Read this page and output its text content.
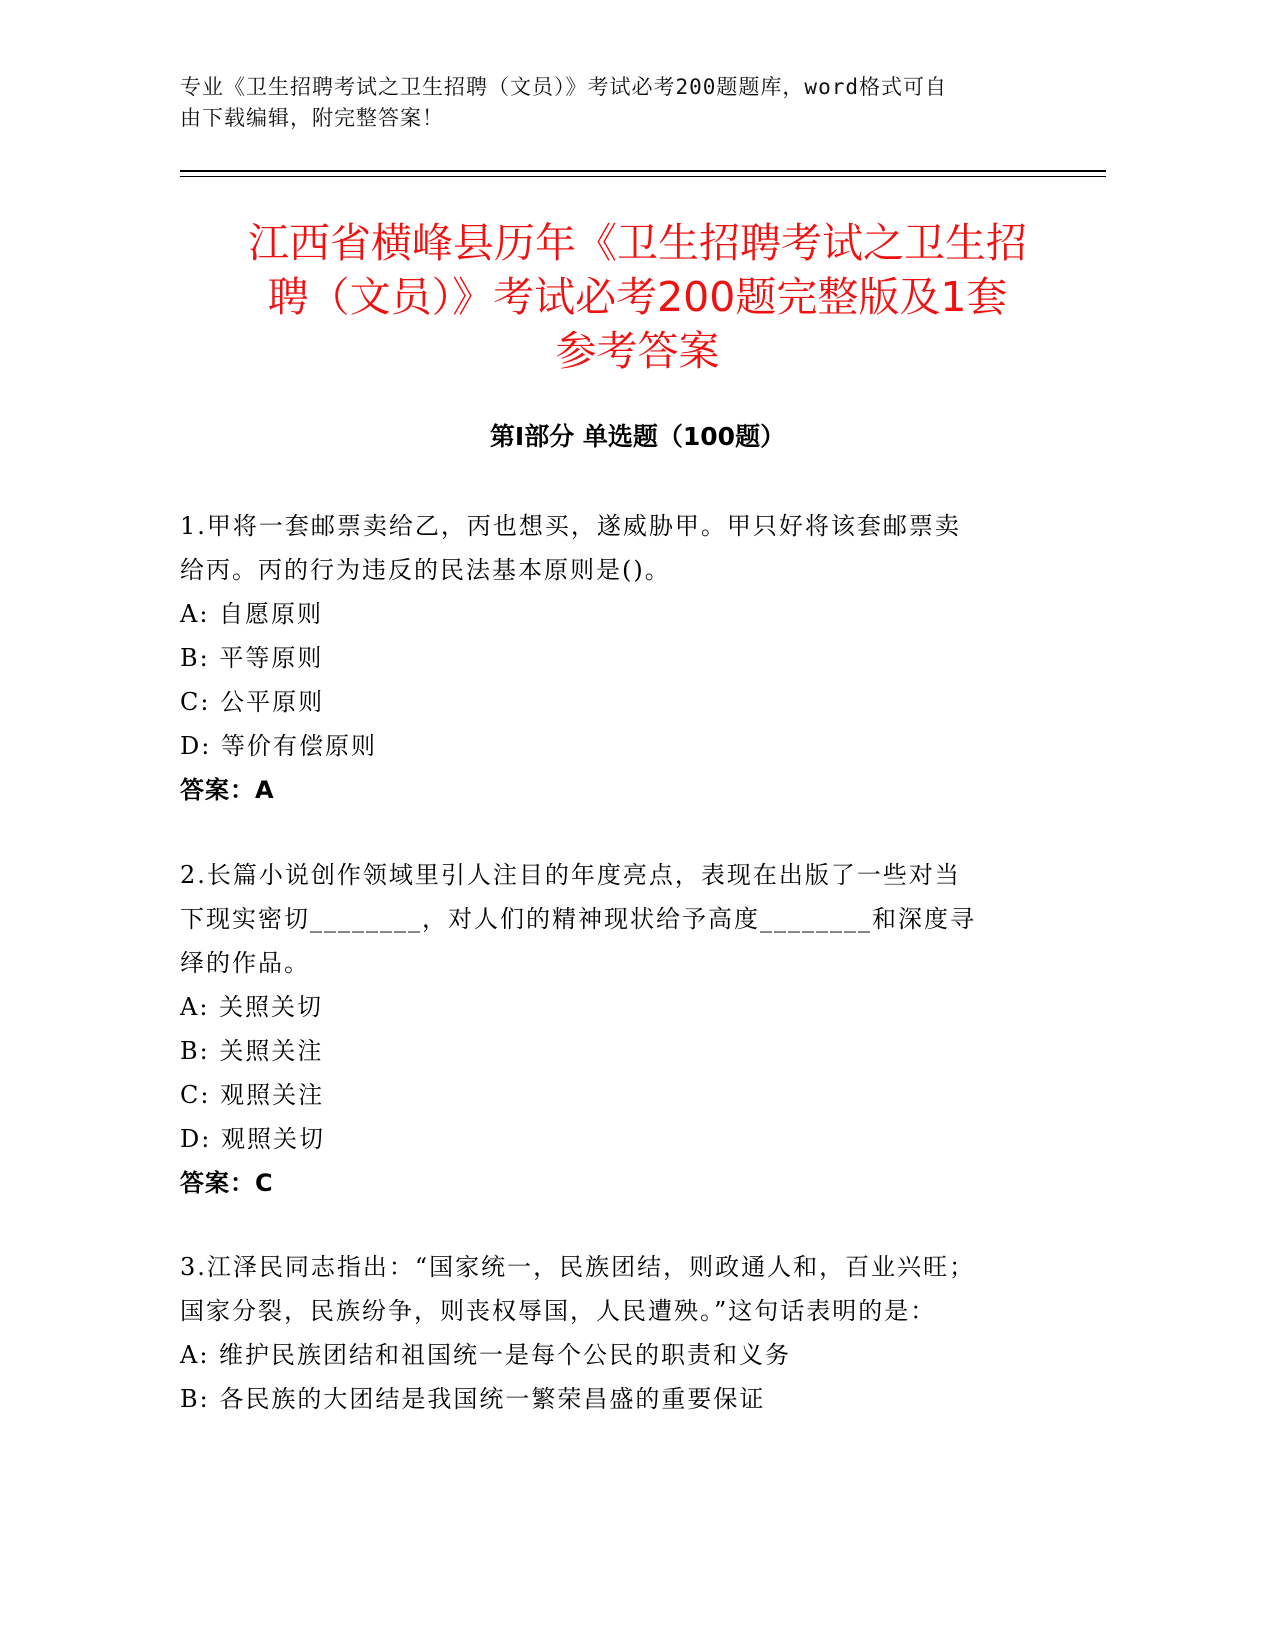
专业《卫生招聘考试之卫生招聘（文员）》考试必考200题题库，word格式可自
由下载编辑，附完整答案！
江西省横峰县历年《卫生招聘考试之卫生招
聘（文员）》考试必考200题完整版及1套
参考答案
第Ⅰ部分 单选题（100题）
1.甲将一套邮票卖给乙，丙也想买，遂威胁甲。甲只好将该套邮票卖
给丙。丙的行为违反的民法基本原则是()。
A: 自愿原则
B: 平等原则
C: 公平原则
D: 等价有偿原则
答案：A
2.长篇小说创作领域里引人注目的年度亮点，表现在出版了一些对当
下现实密切________，对人们的精神现状给予高度________和深度寻
绎的作品。
A: 关照关切
B: 关照关注
C: 观照关注
D: 观照关切
答案：C
3.江泽民同志指出：“国家统一，民族团结，则政通人和，百业兴旺；
国家分裂，民族纷争，则丧权辱国，人民遭殃。”这句话表明的是：
A: 维护民族团结和祖国统一是每个公民的职责和义务
B: 各民族的大团结是我国统一繁荣昌盛的重要保证
